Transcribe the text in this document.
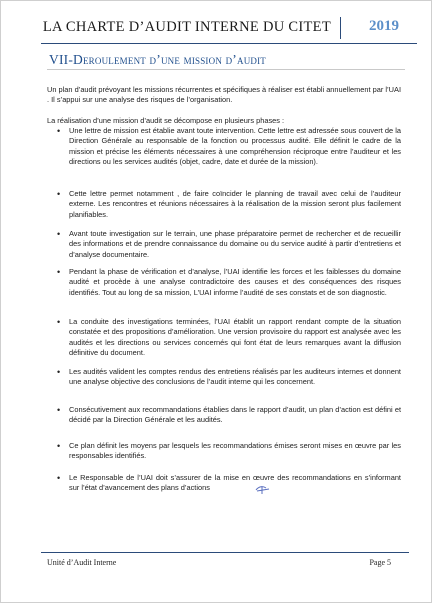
LA CHARTE D’AUDIT INTERNE DU CITET	2019
VII-Deroulement d’une mission d’audit
Un plan d’audit prévoyant les missions récurrentes et spécifiques à réaliser est établi annuellement par l’UAI . Il s’appui sur une analyse des risques de l’organisation.
La réalisation d’une mission d’audit se décompose en plusieurs phases :
• Une lettre de mission est établie avant toute intervention. Cette lettre est adressée sous couvert de la Direction Générale au responsable de la fonction ou processus audité. Elle définit le cadre de la mission et précise les éléments nécessaires à une compréhension réciproque entre l’auditeur et les directions ou les services audités (objet, cadre, date et durée de la mission).
• Cette lettre permet notamment , de faire coïncider le planning de travail avec celui de l’auditeur externe. Les rencontres et réunions nécessaires à la réalisation de la mission seront plus facilement planifiables.
• Avant toute investigation sur le terrain, une phase préparatoire permet de rechercher et de recueillir des informations et de prendre connaissance du domaine ou du service audité à partir d’entretiens et d’analyse documentaire.
• Pendant la phase de vérification et d’analyse, l’UAI identifie les forces et les faiblesses du domaine audité et procède à une analyse contradictoire des causes et des conséquences des risques identifiés. Tout au long de sa mission, L’UAI informe l’audité de ses constats et de son diagnostic.
• La conduite des investigations terminées, l’UAI établit un rapport rendant compte de la situation constatée et des propositions d’amélioration. Une version provisoire du rapport est analysée avec les audités et les directions ou services concernés qui font état de leurs remarques avant la diffusion définitive du document.
• Les audités valident les comptes rendus des entretiens réalisés par les auditeurs internes et donnent une analyse objective des conclusions de l’audit interne qui les concernent.
• Consécutivement aux recommandations établies dans le rapport d’audit, un plan d’action est défini et décidé par la Direction Générale et les audités.
• Ce plan définit les moyens par lesquels les recommandations émises seront mises en œuvre par les responsables identifiés.
• Le Responsable de l’UAI doit s’assurer de la mise en œuvre des recommandations en s’informant sur l’état d’avancement des plans d’actions
Unité d’Audit Interne	Page 5
